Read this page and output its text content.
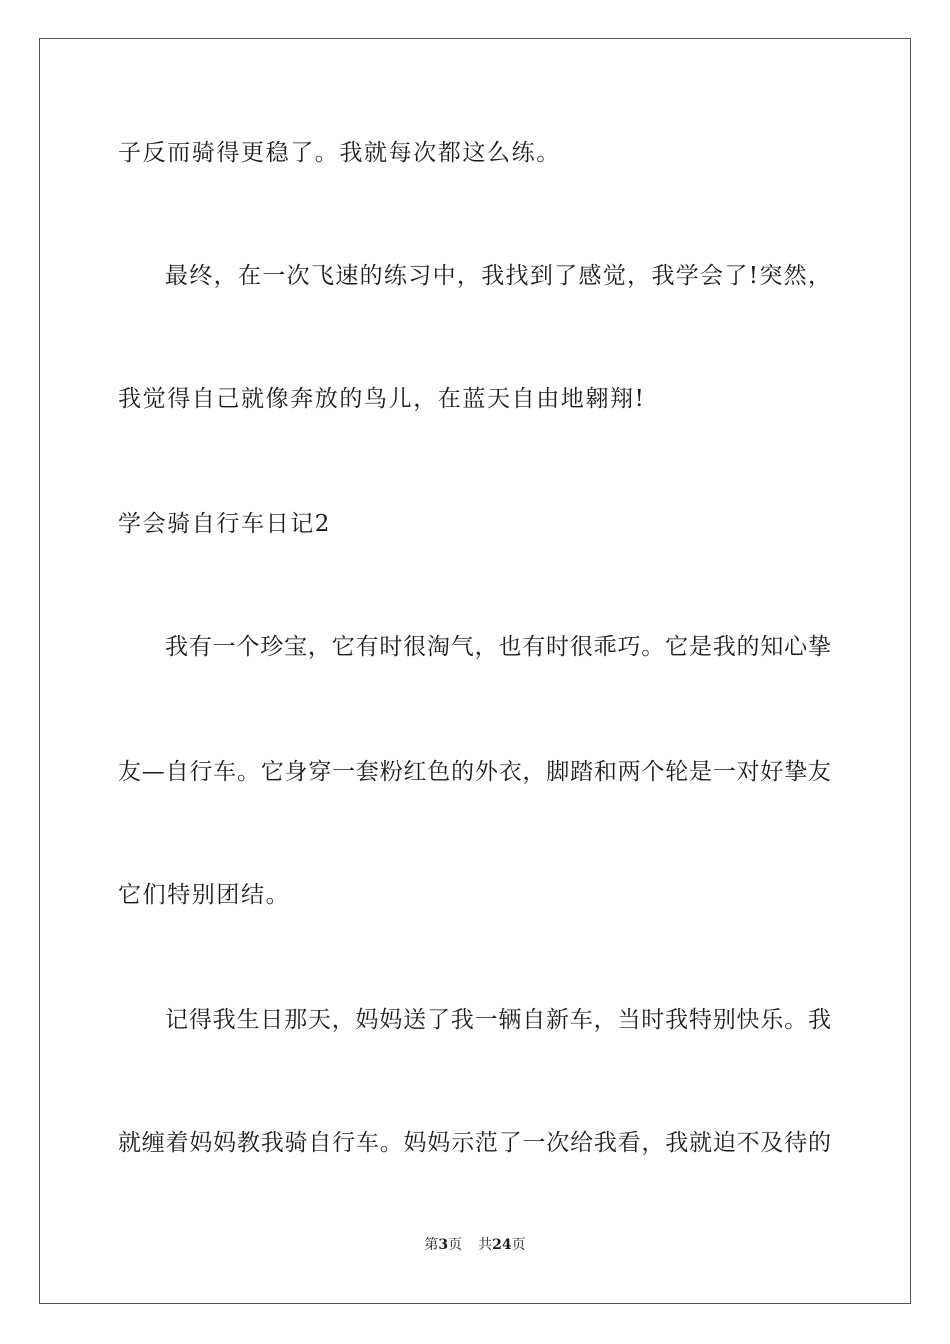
子反而骑得更稳了。我就每次都这么练。
最终，在一次飞速的练习中，我找到了感觉，我学会了!突然，
我觉得自己就像奔放的鸟儿，在蓝天自由地翱翔!
学会骑自行车日记2
我有一个珍宝，它有时很淘气，也有时很乖巧。它是我的知心挚
友—自行车。它身穿一套粉红色的外衣，脚踏和两个轮是一对好挚友
它们特别团结。
记得我生日那天，妈妈送了我一辆自新车，当时我特别快乐。我
就缠着妈妈教我骑自行车。妈妈示范了一次给我看，我就迫不及待的
第3页 共24页
